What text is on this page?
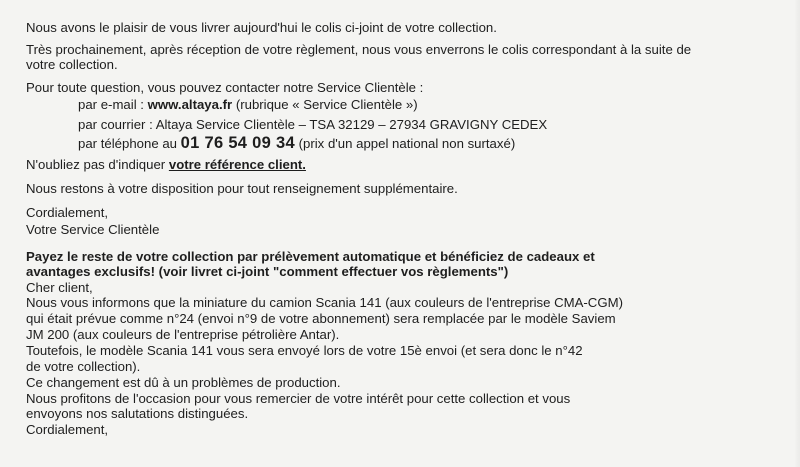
Nous avons le plaisir de vous livrer aujourd'hui le colis ci-joint de votre collection.
Très prochainement, après réception de votre règlement, nous vous enverrons le colis correspondant à la suite de
votre collection.
Pour toute question, vous pouvez contacter notre Service Clientèle :
par e-mail : www.altaya.fr (rubrique « Service Clientèle »)
par courrier : Altaya Service Clientèle – TSA 32129 – 27934 GRAVIGNY CEDEX
par téléphone au 01 76 54 09 34 (prix d'un appel national non surtaxé)
N'oubliez pas d'indiquer votre référence client.
Nous restons à votre disposition pour tout renseignement supplémentaire.
Cordialement,
Votre Service Clientèle
Payez le reste de votre collection par prélèvement automatique et bénéficiez de cadeaux et
avantages exclusifs! (voir livret ci-joint "comment effectuer vos règlements")
Cher client,
Nous vous informons que la miniature du camion Scania 141 (aux couleurs de l'entreprise CMA-CGM)
qui était prévue comme n°24 (envoi n°9 de votre abonnement) sera remplacée par le modèle Saviem
JM 200 (aux couleurs de l'entreprise pétrolière Antar).
Toutefois, le modèle Scania 141 vous sera envoyé lors de votre 15è envoi (et sera donc le n°42
de votre collection).
Ce changement est dû à un problèmes de production.
Nous profitons de l'occasion pour vous remercier de votre intérêt pour cette collection et vous
envoyons nos salutations distinguées.
Cordialement,
